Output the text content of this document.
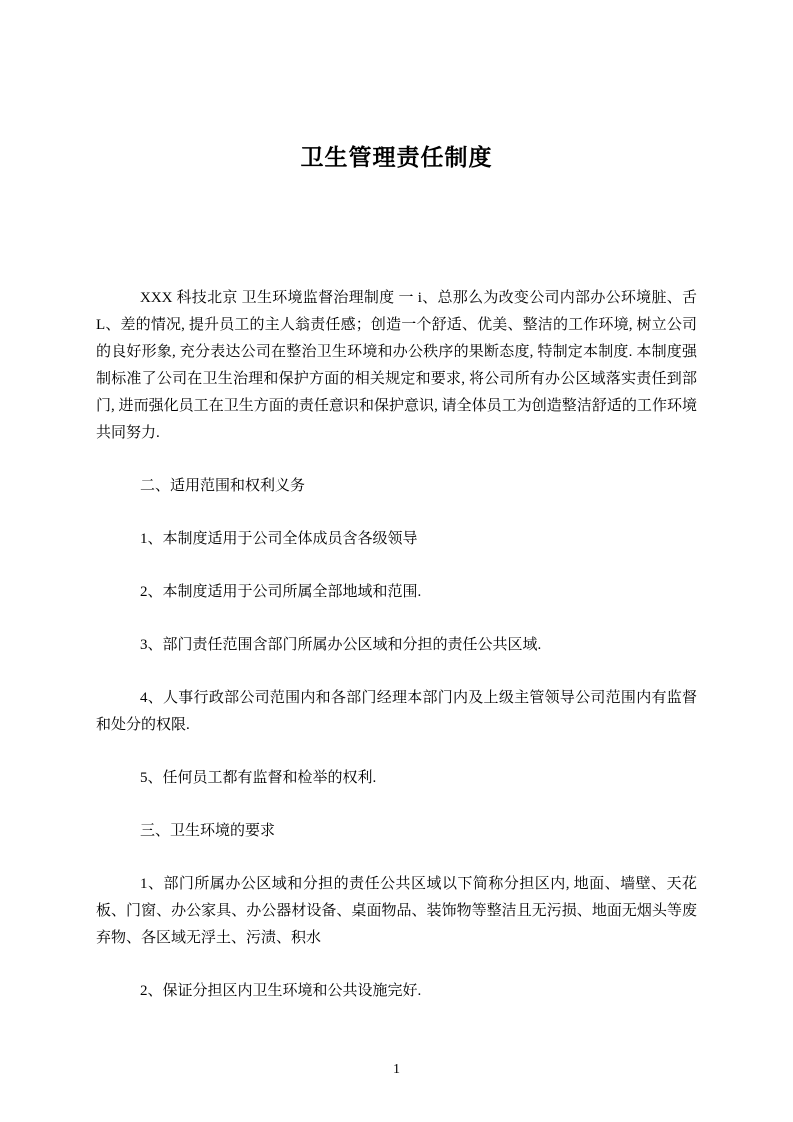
卫生管理责任制度

XXX 科技北京 卫生环境监督治理制度 一 i、总那么为改变公司内部办公环境脏、舌 L、差的情况, 提升员工的主人翁责任感；创造一个舒适、优美、整洁的工作环境, 树立公司的良好形象, 充分表达公司在整治卫生环境和办公秩序的果断态度, 特制定本制度. 本制度强制标准了公司在卫生治理和保护方面的相关规定和要求, 将公司所有办公区域落实责任到部门, 进而强化员工在卫生方面的责任意识和保护意识, 请全体员工为创造整洁舒适的工作环境共同努力.

二、适用范围和权利义务

1、本制度适用于公司全体成员含各级领导

2、本制度适用于公司所属全部地域和范围.

3、部门责任范围含部门所属办公区域和分担的责任公共区域.

4、人事行政部公司范围内和各部门经理本部门内及上级主管领导公司范围内有监督和处分的权限.

5、任何员工都有监督和检举的权利.

三、卫生环境的要求

1、部门所属办公区域和分担的责任公共区域以下简称分担区内, 地面、墙壁、天花板、门窗、办公家具、办公器材设备、桌面物品、装饰物等整洁且无污损、地面无烟头等废弃物、各区域无浮土、污渍、积水

2、保证分担区内卫生环境和公共设施完好.

1
